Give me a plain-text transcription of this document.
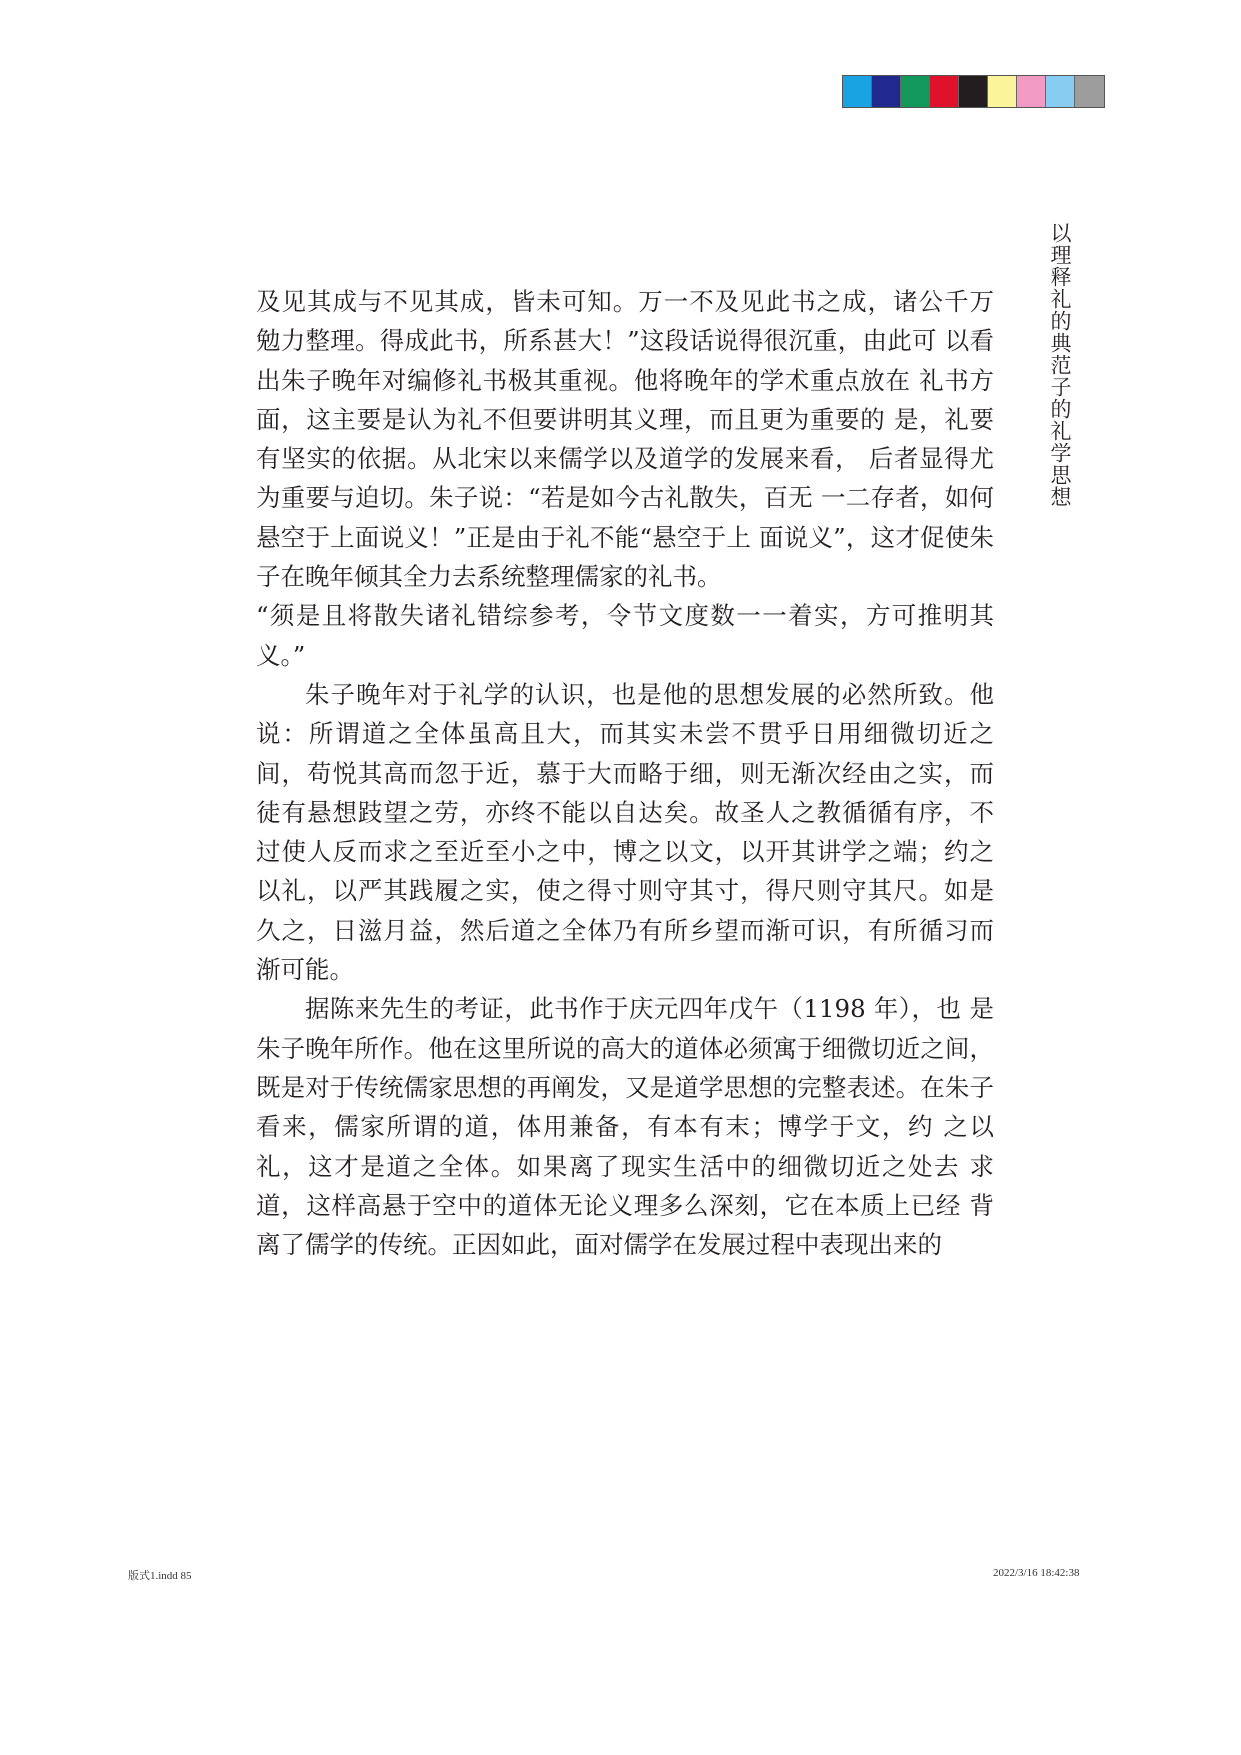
以理释礼的典范子的礼学思想

及见其成与不见其成，皆未可知。万一不及见此书之成，诸公千万 勉力整理。得成此书，所系甚大！”这段话说得很沉重，由此可 以看出朱子晚年对编修礼书极其重视。他将晚年的学术重点放在 礼书方面，这主要是认为礼不但要讲明其义理，而且更为重要的 是，礼要有坚实的依据。从北宋以来儒学以及道学的发展来看， 后者显得尤为重要与迫切。朱子说：“若是如今古礼散失，百无 一二存者，如何悬空于上面说义！”正是由于礼不能“悬空于上 面说义”，这才促使朱子在晚年倾其全力去系统整理儒家的礼书。

“须是且将散失诸礼错综参考，令节文度数一一着实，方可推明其义。”

朱子晚年对于礼学的认识，也是他的思想发展的必然所致。他说：所谓道之全体虽高且大，而其实未尝不贯乎日用细微切近之 间，苟悦其高而忽于近，慕于大而略于细，则无渐次经由之实，而 徒有悬想跂望之劳，亦终不能以自达矣。故圣人之教循循有序，不 过使人反而求之至近至小之中，博之以文，以开其讲学之端；约之 以礼，以严其践履之实，使之得寸则守其寸，得尺则守其尺。如是 久之，日滋月益，然后道之全体乃有所乡望而渐可识，有所循习而 渐可能。

据陈来先生的考证，此书作于庆元四年戊午（1198 年），也 是朱子晚年所作。他在这里所说的高大的道体必须寓于细微切近之间，既是对于传统儒家思想的再阐发，又是道学思想的完整表述。在朱子看来，儒家所谓的道，体用兼备，有本有末；博学于文，约 之以礼，这才是道之全体。如果离了现实生活中的细微切近之处去 求道，这样高悬于空中的道体无论义理多么深刻，它在本质上已经 背离了儒学的传统。正因如此，面对儒学在发展过程中表现出来的

版式1.indd 85	2022/3/16 18:42:38
